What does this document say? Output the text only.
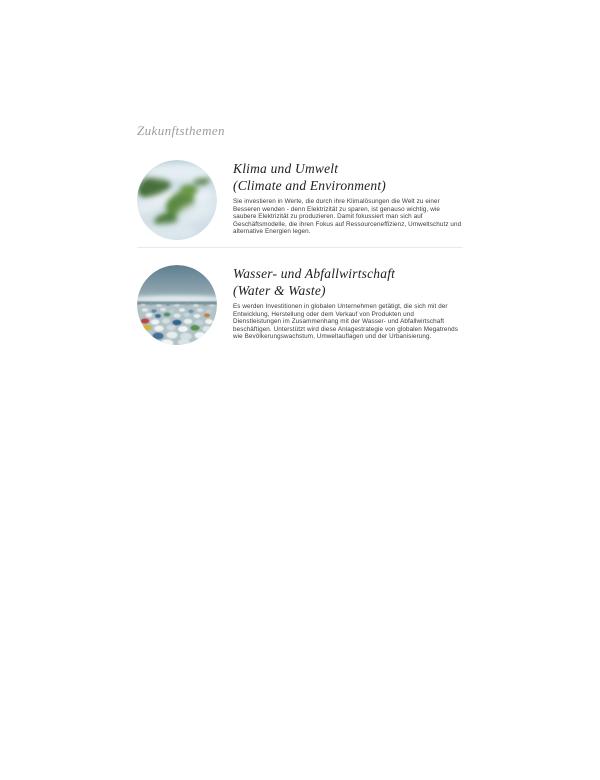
Zukunftsthemen
Klima und Umwelt
(Climate and Environment)

Sie investieren in Werte, die durch ihre Klimalösungen die Welt zu einer Besseren wenden - denn Elektrizität zu sparen, ist genauso wichtig, wie saubere Elektrizität zu produzieren. Damit fokussiert man sich auf Geschäftsmodelle, die ihren Fokus auf Ressourceneffizienz, Umweltschutz und alternative Energien legen.

Wasser- und Abfallwirtschaft
(Water & Waste)

Es werden Investitionen in globalen Unternehmen getätigt, die sich mit der Entwicklung, Herstellung oder dem Verkauf von Produkten und Dienstleistungen im Zusammenhang mit der Wasser- und Abfallwirtschaft beschäftigen. Unterstützt wird diese Anlagestrategie von globalen Megatrends wie Bevölkerungswachstum, Umweltauflagen und der Urbanisierung.
